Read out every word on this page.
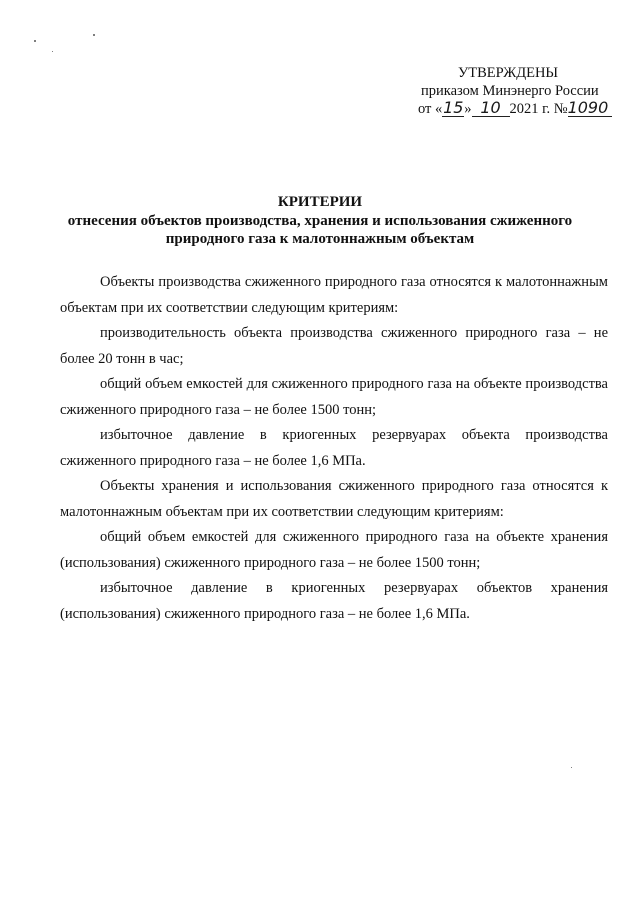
УТВЕРЖДЕНЫ
приказом Минэнерго России
от «15» 10 2021 г. №1090
КРИТЕРИИ
отнесения объектов производства, хранения и использования сжиженного природного газа к малотоннажным объектам
Объекты производства сжиженного природного газа относятся к малотоннажным объектам при их соответствии следующим критериям:
производительность объекта производства сжиженного природного газа – не более 20 тонн в час;
общий объем емкостей для сжиженного природного газа на объекте производства сжиженного природного газа – не более 1500 тонн;
избыточное давление в криогенных резервуарах объекта производства сжиженного природного газа – не более 1,6 МПа.
Объекты хранения и использования сжиженного природного газа относятся к малотоннажным объектам при их соответствии следующим критериям:
общий объем емкостей для сжиженного природного газа на объекте хранения (использования) сжиженного природного газа – не более 1500 тонн;
избыточное давление в криогенных резервуарах объектов хранения (использования) сжиженного природного газа – не более 1,6 МПа.
